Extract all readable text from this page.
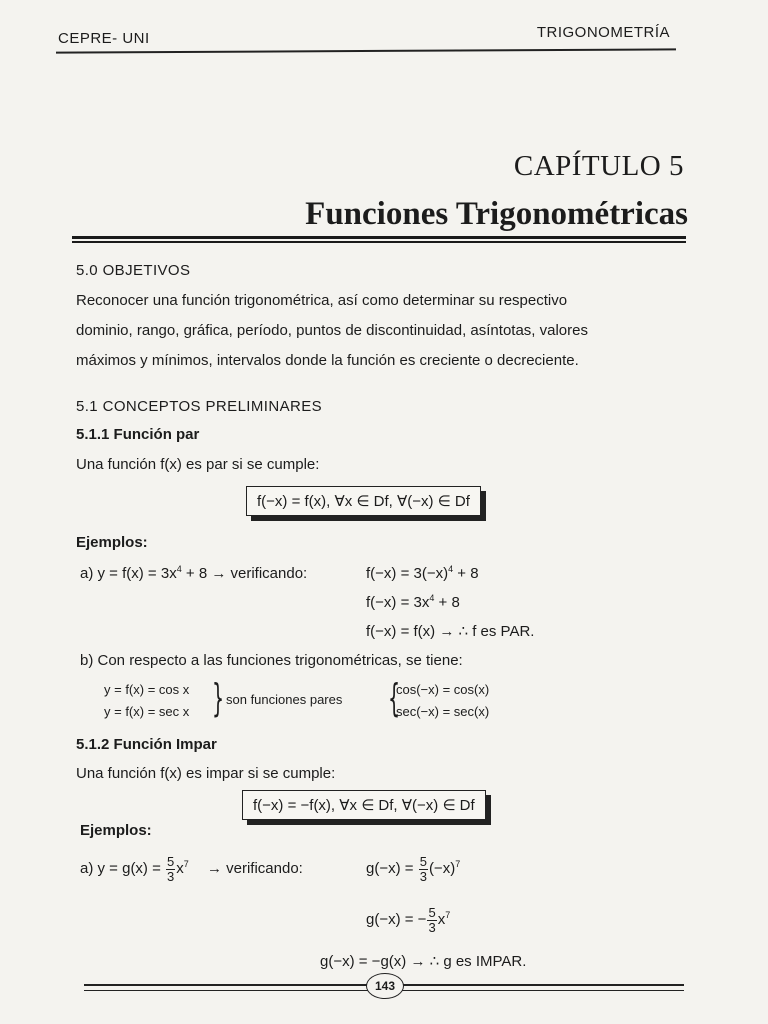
CEPRE- UNI	TRIGONOMETRÍA
CAPÍTULO 5
Funciones Trigonométricas
5.0 OBJETIVOS
Reconocer una función trigonométrica, así como determinar su respectivo
dominio, rango, gráfica, período, puntos de discontinuidad, asíntotas, valores
máximos y mínimos, intervalos donde la función es creciente o decreciente.
5.1 CONCEPTOS PRELIMINARES
5.1.1 Función par
Una función f(x) es par si se cumple:
f(−x) = f(x), ∀x ∈ Df, ∀(−x) ∈ Df
Ejemplos:
a) $y = f(x) = 3x^4 + 8$ → verificando:	$f(-x) = 3(-x)^4 + 8$
$f(-x) = 3x^4 + 8$
f(−x) = f(x) → ∴ f es PAR.
b) Con respecto a las funciones trigonométricas, se tiene:
y = f(x) = cos x
y = f(x) = sec x } son funciones pares {
cos(−x) = cos(x)
sec(−x) = sec(x)
5.1.2 Función Impar
Una función f(x) es impar si se cumple:
f(−x) = −f(x), ∀x ∈ Df, ∀(−x) ∈ Df
Ejemplos:
a) $y = g(x) = \frac{5}{3} x^7$ → verificando:	$g(-x) = \frac{5}{3} (-x)^7$
g(−x) = − $\frac{5}{3} x^7$
g(−x) = −g(x) → ∴ g es IMPAR.
143
